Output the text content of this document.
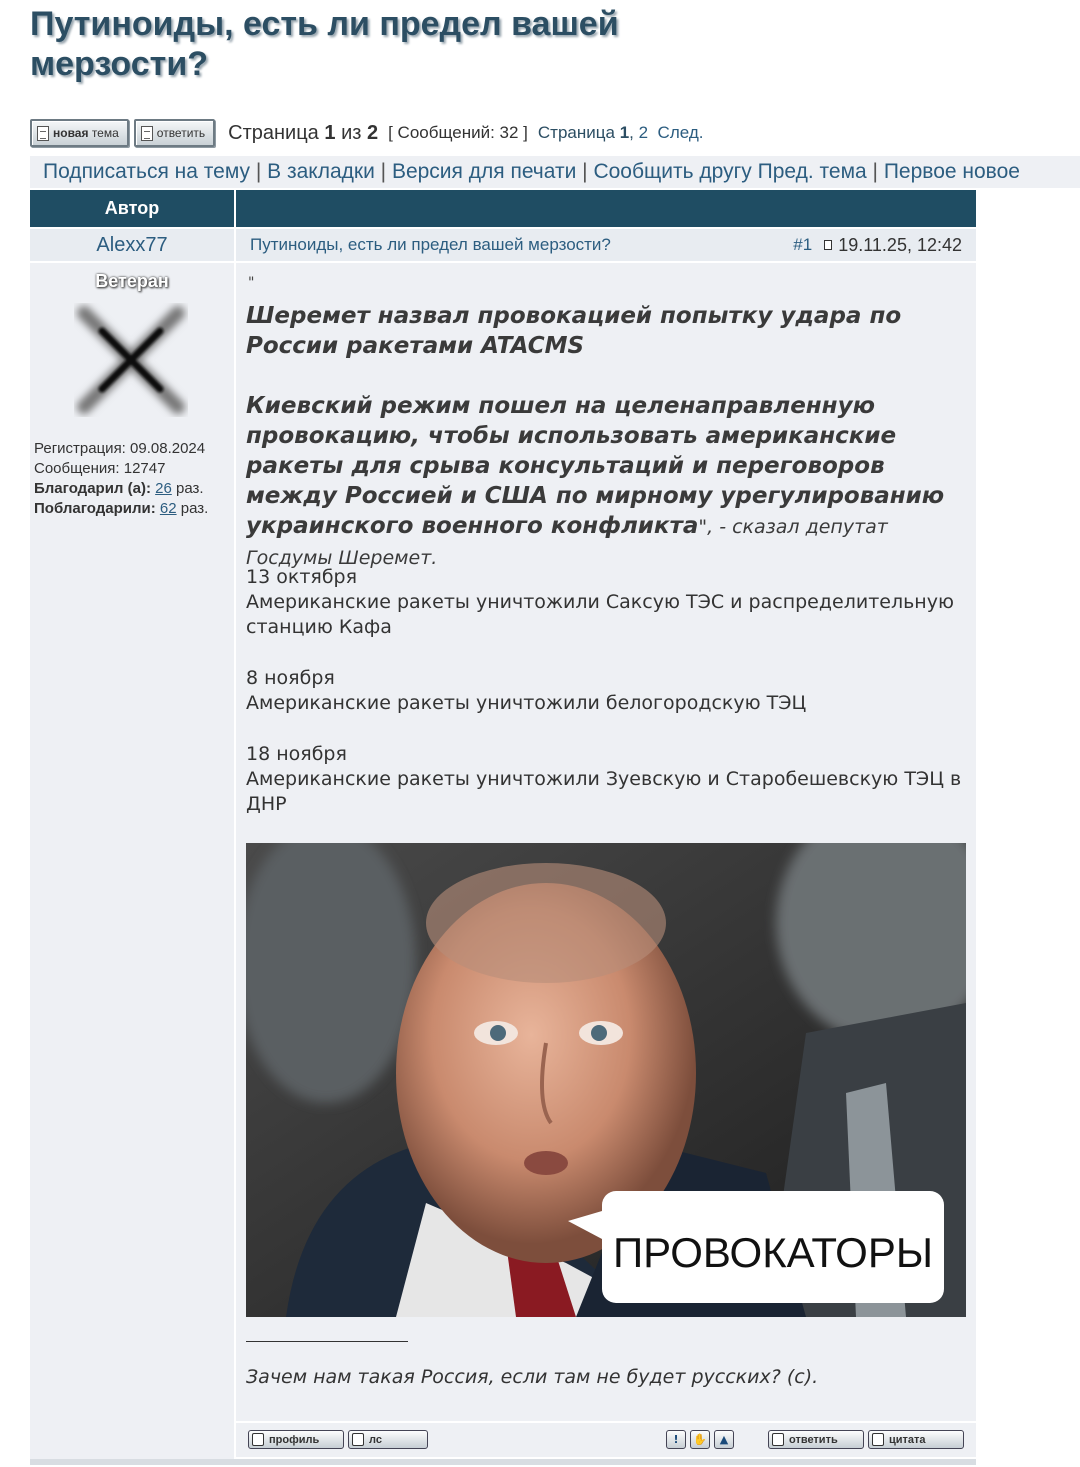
Путиноиды, есть ли предел вашей мерзости?
новая тема	ответить Страница 1 из 2 [ Сообщений: 32 ] Страница 1, 2 След.
Подписаться на тему | В закладки | Версия для печати | Сообщить другу Пред. тема | Первое новое
Автор
Alexx77	Путиноиды, есть ли предел вашей мерзости?	#1 19.11.25, 12:42
Ветеран
Регистрация: 09.08.2024
Сообщения: 12747
Благодарил (а): 26 раз.
Поблагодарили: 62 раз.
"
Шеремет назвал провокацией попытку удара по России ракетами ATACMS
Киевский режим пошел на целенаправленную провокацию, чтобы использовать американские ракеты для срыва консультаций и переговоров между Россией и США по мирному урегулированию украинского военного конфликта", - сказал депутат Госдумы Шеремет.
13 октября
Американские ракеты уничтожили Саксую ТЭС и распределительную станцию Кафа
8 ноября
Американские ракеты уничтожили белогородскую ТЭЦ
18 ноября
Американские ракеты уничтожили Зуевскую и Старобешевскую ТЭЦ в ДНР
ПРОВОКАТОРЫ
Зачем нам такая Россия, если там не будет русских? (с).
профиль	лс	!	✋ ▲	ответить	цитата
